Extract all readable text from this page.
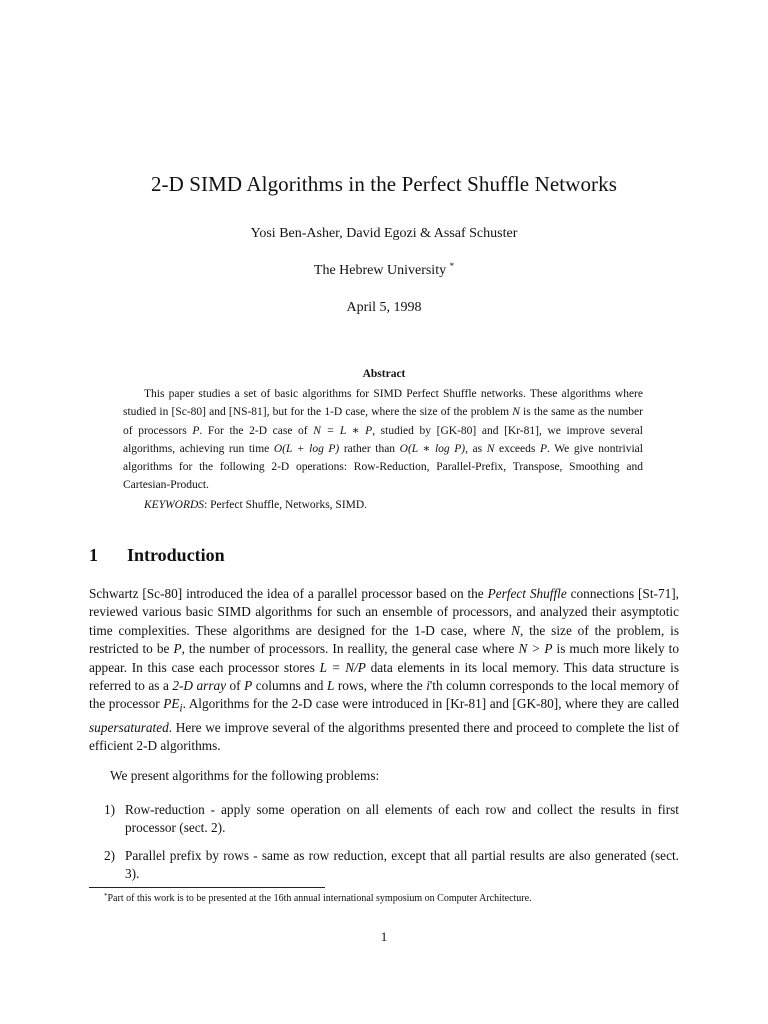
2-D SIMD Algorithms in the Perfect Shuffle Networks
Yosi Ben-Asher, David Egozi & Assaf Schuster
The Hebrew University *
April 5, 1998
Abstract
This paper studies a set of basic algorithms for SIMD Perfect Shuffle networks. These algorithms where studied in [Sc-80] and [NS-81], but for the 1-D case, where the size of the problem N is the same as the number of processors P. For the 2-D case of N = L ∗ P, studied by [GK-80] and [Kr-81], we improve several algorithms, achieving run time O(L + log P) rather than O(L ∗ log P), as N exceeds P. We give nontrivial algorithms for the following 2-D operations: Row-Reduction, Parallel-Prefix, Transpose, Smoothing and Cartesian-Product.
KEYWORDS: Perfect Shuffle, Networks, SIMD.
1 Introduction
Schwartz [Sc-80] introduced the idea of a parallel processor based on the Perfect Shuffle connections [St-71], reviewed various basic SIMD algorithms for such an ensemble of processors, and analyzed their asymptotic time complexities. These algorithms are designed for the 1-D case, where N, the size of the problem, is restricted to be P, the number of processors. In reallity, the general case where N > P is much more likely to appear. In this case each processor stores L = N/P data elements in its local memory. This data structure is referred to as a 2-D array of P columns and L rows, where the i'th column corresponds to the local memory of the processor $PE_i$. Algorithms for the 2-D case were introduced in [Kr-81] and [GK-80], where they are called supersaturated. Here we improve several of the algorithms presented there and proceed to complete the list of efficient 2-D algorithms.
We present algorithms for the following problems:
1) Row-reduction - apply some operation on all elements of each row and collect the results in first processor (sect. 2).
2) Parallel prefix by rows - same as row reduction, except that all partial results are also generated (sect. 3).
*Part of this work is to be presented at the 16th annual international symposium on Computer Architecture.
1
